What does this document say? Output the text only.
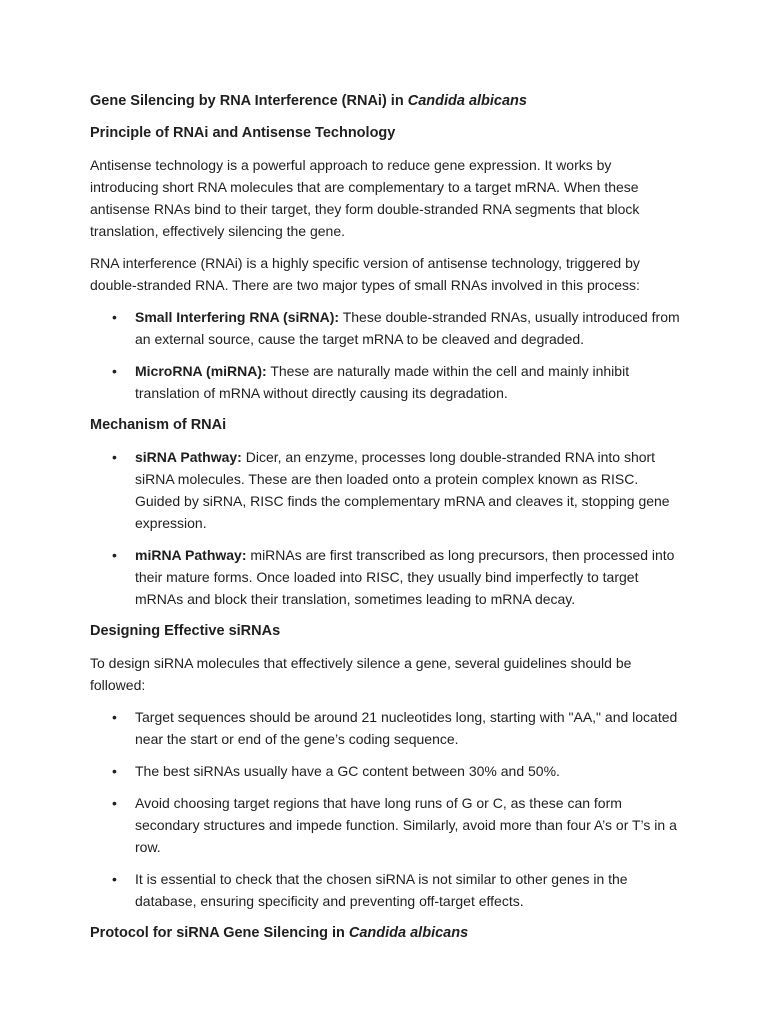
Gene Silencing by RNA Interference (RNAi) in Candida albicans
Principle of RNAi and Antisense Technology
Antisense technology is a powerful approach to reduce gene expression. It works by introducing short RNA molecules that are complementary to a target mRNA. When these antisense RNAs bind to their target, they form double-stranded RNA segments that block translation, effectively silencing the gene.
RNA interference (RNAi) is a highly specific version of antisense technology, triggered by double-stranded RNA. There are two major types of small RNAs involved in this process:
• Small Interfering RNA (siRNA): These double-stranded RNAs, usually introduced from an external source, cause the target mRNA to be cleaved and degraded.
• MicroRNA (miRNA): These are naturally made within the cell and mainly inhibit translation of mRNA without directly causing its degradation.
Mechanism of RNAi
• siRNA Pathway: Dicer, an enzyme, processes long double-stranded RNA into short siRNA molecules. These are then loaded onto a protein complex known as RISC. Guided by siRNA, RISC finds the complementary mRNA and cleaves it, stopping gene expression.
• miRNA Pathway: miRNAs are first transcribed as long precursors, then processed into their mature forms. Once loaded into RISC, they usually bind imperfectly to target mRNAs and block their translation, sometimes leading to mRNA decay.
Designing Effective siRNAs
To design siRNA molecules that effectively silence a gene, several guidelines should be followed:
• Target sequences should be around 21 nucleotides long, starting with "AA," and located near the start or end of the gene’s coding sequence.
• The best siRNAs usually have a GC content between 30% and 50%.
• Avoid choosing target regions that have long runs of G or C, as these can form secondary structures and impede function. Similarly, avoid more than four A’s or T’s in a row.
• It is essential to check that the chosen siRNA is not similar to other genes in the database, ensuring specificity and preventing off-target effects.
Protocol for siRNA Gene Silencing in Candida albicans
